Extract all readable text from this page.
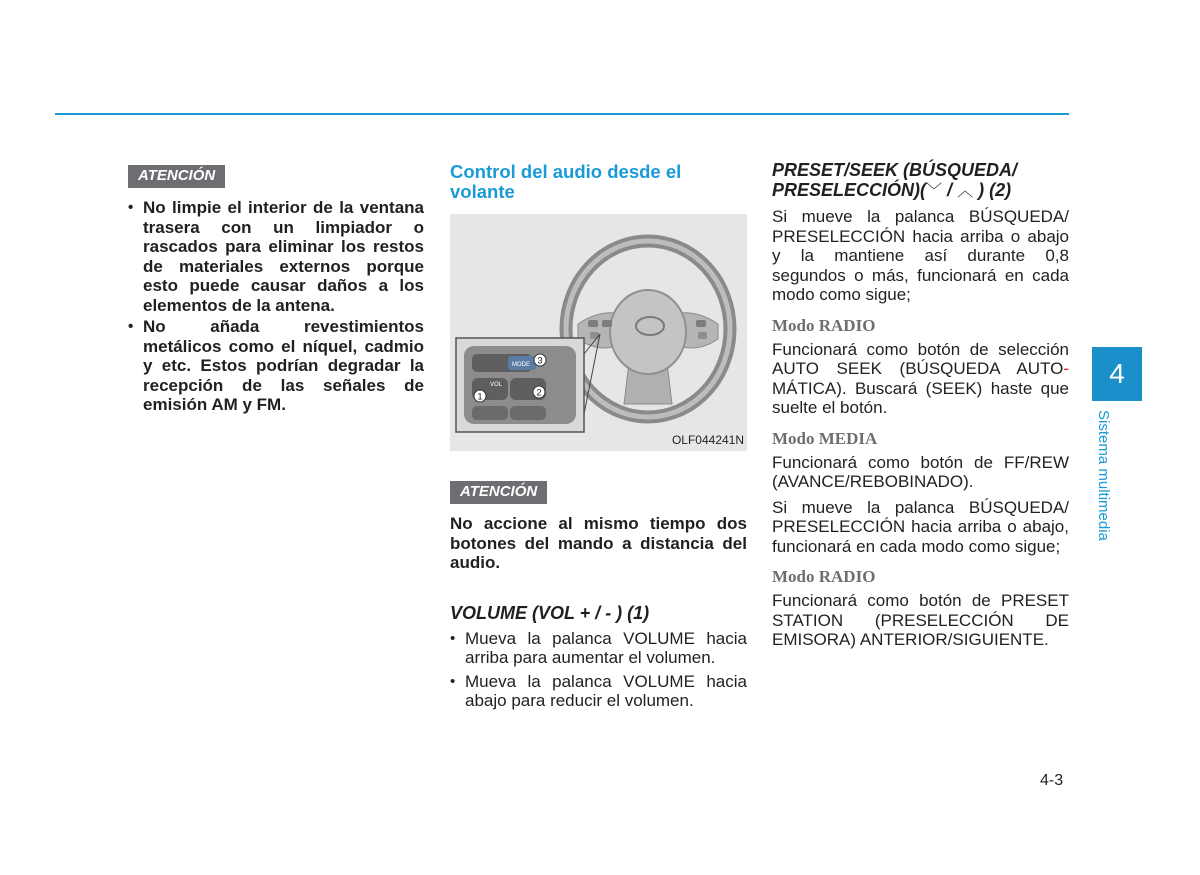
ATENCIÓN
• No limpie el interior de la ventana trasera con un limpiador o rascados para eliminar los restos de materiales externos porque esto puede causar daños a los elementos de la antena.
• No añada revestimientos metálicos como el níquel, cadmio y etc. Estos podrían degradar la recepción de las señales de emisión AM y FM.
Control del audio desde el volante
VOL
MODE
1	2
3
OLF044241N
ATENCIÓN

No accione al mismo tiempo dos botones del mando a distancia del audio.

VOLUME (VOL + / - ) (1)
• Mueva la palanca VOLUME hacia arriba para aumentar el volumen.
• Mueva la palanca VOLUME hacia abajo para reducir el volumen.
PRESET/SEEK (BÚSQUEDA/
PRESELECCIÓN)(﹀ / ︿ ) (2)

Si mueve la palanca BÚSQUEDA/ PRESELECCIÓN hacia arriba o abajo y la mantiene así durante 0,8 segundos o más, funcionará en cada modo como sigue;

Modo RADIO

Funcionará como botón de selección AUTO SEEK (BÚSQUEDA AUTO- MÁTICA). Buscará (SEEK) haste que suelte el botón.

Modo MEDIA

Funcionará como botón de FF/REW (AVANCE/REBOBINADO).

Si mueve la palanca BÚSQUEDA/ PRESELECCIÓN hacia arriba o abajo, funcionará en cada modo como sigue;

Modo RADIO

Funcionará como botón de PRESET STATION (PRESELECCIÓN DE EMISORA) ANTERIOR/SIGUIENTE.

4
Sistema multimedia
4-3
